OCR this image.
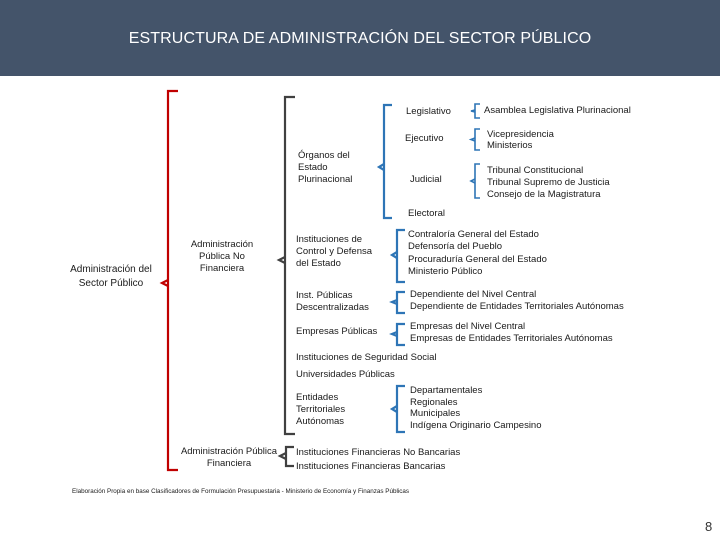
ESTRUCTURA DE ADMINISTRACIÓN DEL SECTOR PÚBLICO
Administración del Sector Público
Administración Pública No Financiera
Administración Pública Financiera
Órganos del Estado Plurinacional
Instituciones de Control y Defensa del Estado
Inst. Públicas Descentralizadas
Empresas Públicas
Instituciones de Seguridad Social
Universidades Públicas
Entidades Territoriales Autónomas
Legislativo
Ejecutivo
Judicial
Electoral
Asamblea Legislativa Plurinacional
Vicepresidencia
Ministerios
Tribunal Constitucional
Tribunal Supremo de Justicia
Consejo de la Magistratura
Contraloría General del Estado
Defensoría del Pueblo
Procuraduría General del Estado
Ministerio Público
Dependiente del Nivel Central
Dependiente de Entidades Territoriales Autónomas
Empresas del Nivel Central
Empresas de Entidades Territoriales Autónomas
Departamentales
Regionales
Municipales
Indígena Originario Campesino
Instituciones Financieras No Bancarias
Instituciones Financieras Bancarias
Elaboración Propia en base Clasificadores de Formulación Presupuestaria - Ministerio de Economía y Finanzas Públicas
8
